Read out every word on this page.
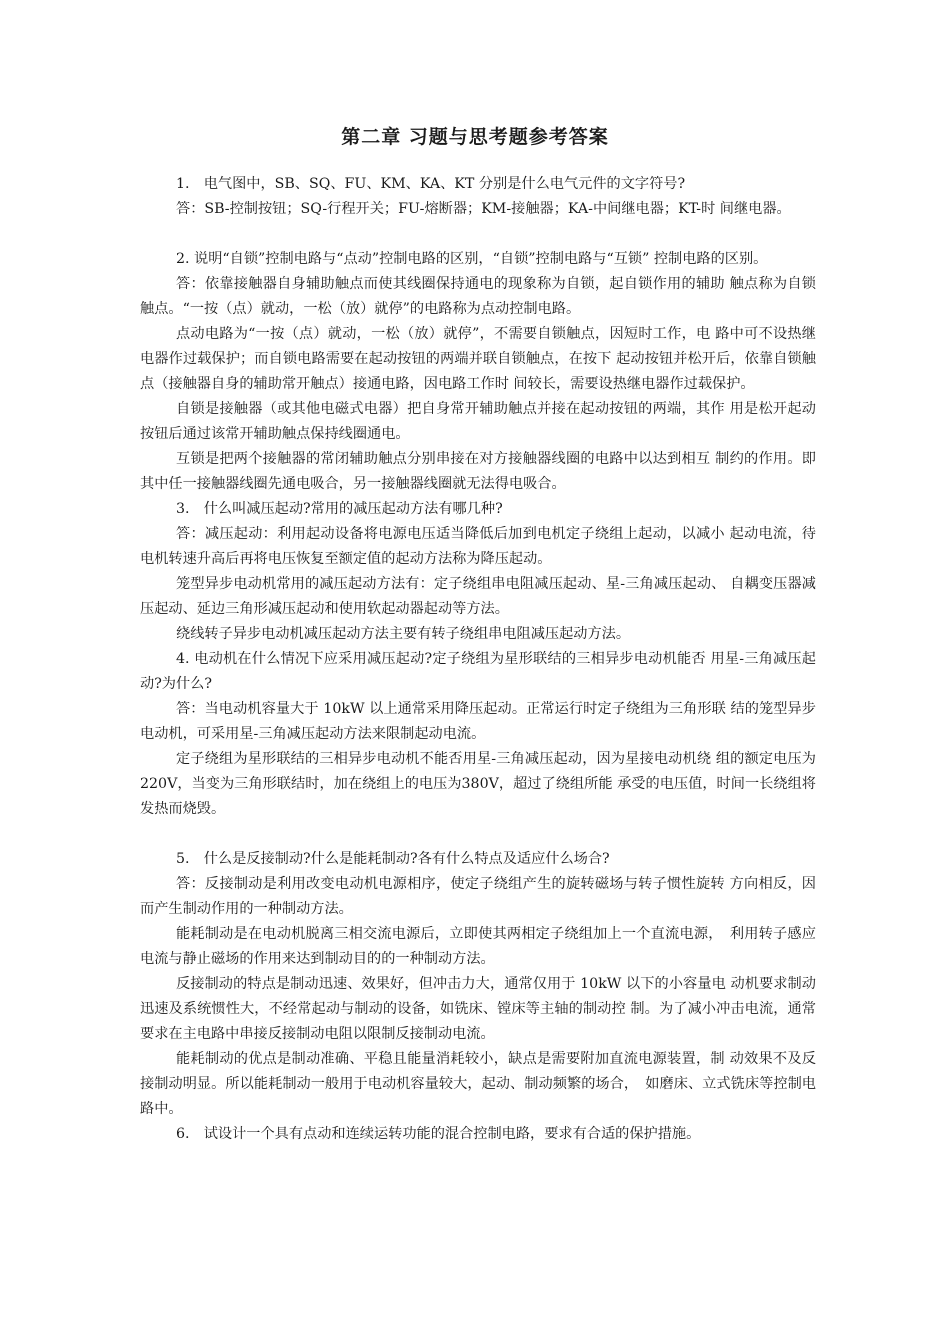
第二章 习题与思考题参考答案

1.　电气图中，SB、SQ、FU、KM、KA、KT 分别是什么电气元件的文字符号?

答：SB-控制按钮；SQ-行程开关；FU-熔断器；KM-接触器；KA-中间继电器；KT-时 间继电器。

2. 说明“自锁”控制电路与“点动”控制电路的区别，“自锁”控制电路与“互锁” 控制电路的区别。

答：依靠接触器自身辅助触点而使其线圈保持通电的现象称为自锁，起自锁作用的辅助 触点称为自锁触点。“一按（点）就动，一松（放）就停”的电路称为点动控制电路。

点动电路为“一按（点）就动，一松（放）就停”，不需要自锁触点，因短时工作，电 路中可不设热继电器作过载保护；而自锁电路需要在起动按钮的两端并联自锁触点，在按下 起动按钮并松开后，依靠自锁触点（接触器自身的辅助常开触点）接通电路，因电路工作时 间较长，需要设热继电器作过载保护。

自锁是接触器（或其他电磁式电器）把自身常开辅助触点并接在起动按钮的两端，其作 用是松开起动按钮后通过该常开辅助触点保持线圈通电。

互锁是把两个接触器的常闭辅助触点分别串接在对方接触器线圈的电路中以达到相互 制约的作用。即其中任一接触器线圈先通电吸合，另一接触器线圈就无法得电吸合。

3.　什么叫减压起动?常用的减压起动方法有哪几种?

答：减压起动：利用起动设备将电源电压适当降低后加到电机定子绕组上起动，以减小 起动电流，待电机转速升高后再将电压恢复至额定值的起动方法称为降压起动。

笼型异步电动机常用的减压起动方法有：定子绕组串电阻减压起动、星-三角减压起动、 自耦变压器减压起动、延边三角形减压起动和使用软起动器起动等方法。

绕线转子异步电动机减压起动方法主要有转子绕组串电阻减压起动方法。

4. 电动机在什么情况下应采用减压起动?定子绕组为星形联结的三相异步电动机能否 用星-三角减压起动?为什么?

答：当电动机容量大于 10kW 以上通常采用降压起动。正常运行时定子绕组为三角形联 结的笼型异步电动机，可采用星-三角减压起动方法来限制起动电流。

定子绕组为星形联结的三相异步电动机不能否用星-三角减压起动，因为星接电动机绕 组的额定电压为220V，当变为三角形联结时，加在绕组上的电压为380V，超过了绕组所能 承受的电压值，时间一长绕组将发热而烧毁。

5.　什么是反接制动?什么是能耗制动?各有什么特点及适应什么场合?

答：反接制动是利用改变电动机电源相序，使定子绕组产生的旋转磁场与转子惯性旋转 方向相反，因而产生制动作用的一种制动方法。

能耗制动是在电动机脱离三相交流电源后，立即使其两相定子绕组加上一个直流电源，　利用转子感应电流与静止磁场的作用来达到制动目的的一种制动方法。

反接制动的特点是制动迅速、效果好，但冲击力大，通常仅用于 10kW 以下的小容量电 动机要求制动迅速及系统惯性大，不经常起动与制动的设备，如铣床、镗床等主轴的制动控 制。为了减小冲击电流，通常要求在主电路中串接反接制动电阻以限制反接制动电流。

能耗制动的优点是制动准确、平稳且能量消耗较小，缺点是需要附加直流电源装置，制 动效果不及反接制动明显。所以能耗制动一般用于电动机容量较大，起动、制动频繁的场合，　如磨床、立式铣床等控制电路中。

6.　试设计一个具有点动和连续运转功能的混合控制电路，要求有合适的保护措施。
